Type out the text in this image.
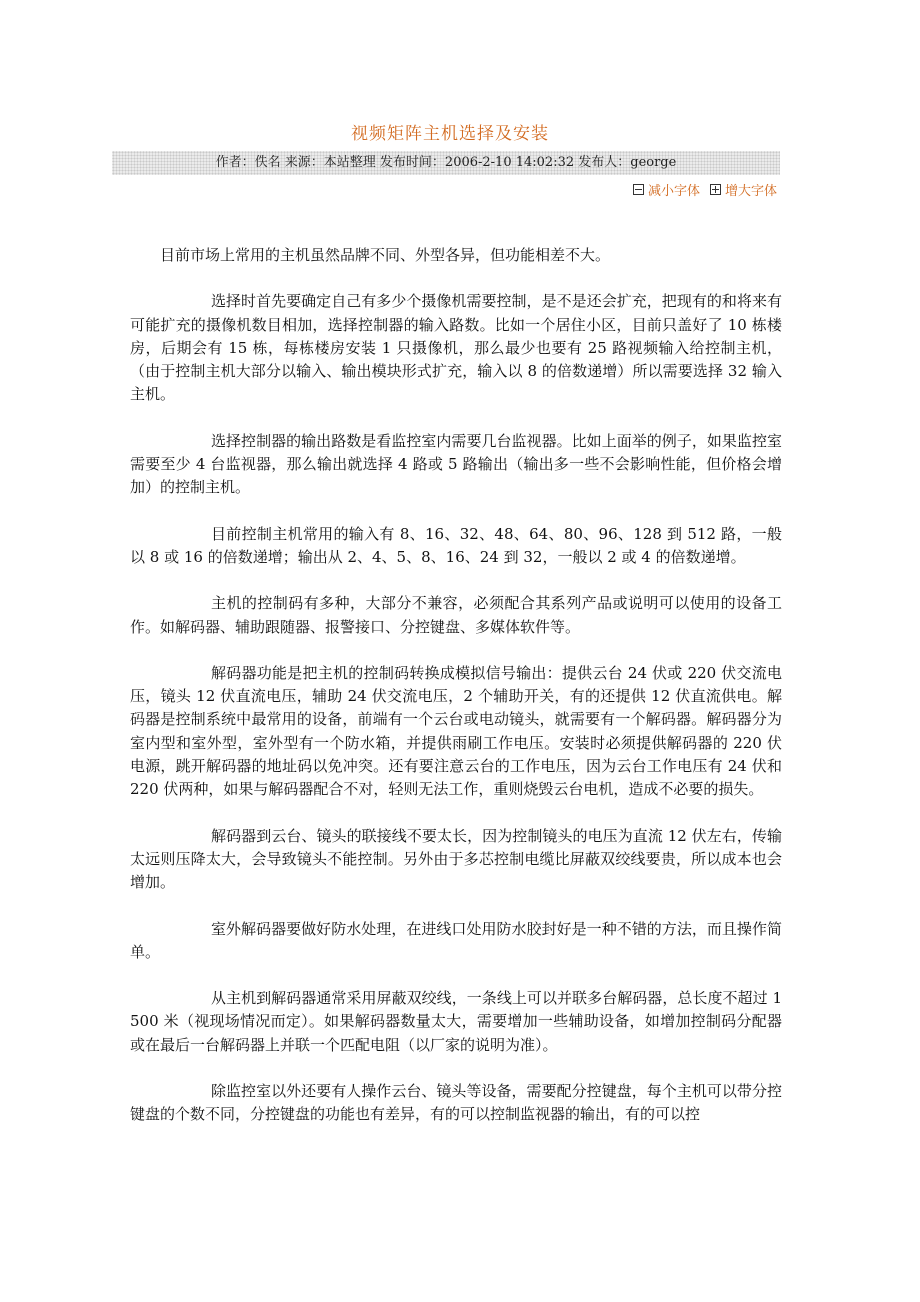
视频矩阵主机选择及安装
作者：佚名 来源：本站整理 发布时间：2006-2-10 14:02:32 发布人：george
减小字体 增大字体

目前市场上常用的主机虽然品牌不同、外型各异，但功能相差不大。

选择时首先要确定自己有多少个摄像机需要控制，是不是还会扩充，把现有的和将来有可能扩充的摄像机数目相加，选择控制器的输入路数。比如一个居住小区，目前只盖好了 10 栋楼房，后期会有 15 栋，每栋楼房安装 1 只摄像机，那么最少也要有 25 路视频输入给控制主机，（由于控制主机大部分以输入、输出模块形式扩充，输入以 8 的倍数递增）所以需要选择 32 输入主机。

选择控制器的输出路数是看监控室内需要几台监视器。比如上面举的例子，如果监控室需要至少 4 台监视器，那么输出就选择 4 路或 5 路输出（输出多一些不会影响性能，但价格会增加）的控制主机。

目前控制主机常用的输入有 8、16、32、48、64、80、96、128 到 512 路，一般以 8 或 16 的倍数递增；输出从 2、4、5、8、16、24 到 32，一般以 2 或 4 的倍数递增。

主机的控制码有多种，大部分不兼容，必须配合其系列产品或说明可以使用的设备工作。如解码器、辅助跟随器、报警接口、分控键盘、多媒体软件等。

解码器功能是把主机的控制码转换成模拟信号输出：提供云台 24 伏或 220 伏交流电压，镜头 12 伏直流电压，辅助 24 伏交流电压，2 个辅助开关，有的还提供 12 伏直流供电。解码器是控制系统中最常用的设备，前端有一个云台或电动镜头，就需要有一个解码器。解码器分为室内型和室外型，室外型有一个防水箱，并提供雨刷工作电压。安装时必须提供解码器的 220 伏电源，跳开解码器的地址码以免冲突。还有要注意云台的工作电压，因为云台工作电压有 24 伏和 220 伏两种，如果与解码器配合不对，轻则无法工作，重则烧毁云台电机，造成不必要的损失。

解码器到云台、镜头的联接线不要太长，因为控制镜头的电压为直流 12 伏左右，传输太远则压降太大，会导致镜头不能控制。另外由于多芯控制电缆比屏蔽双绞线要贵，所以成本也会增加。

室外解码器要做好防水处理，在进线口处用防水胶封好是一种不错的方法，而且操作简单。

从主机到解码器通常采用屏蔽双绞线，一条线上可以并联多台解码器，总长度不超过 1500 米（视现场情况而定）。如果解码器数量太大，需要增加一些辅助设备，如增加控制码分配器或在最后一台解码器上并联一个匹配电阻（以厂家的说明为准）。

除监控室以外还要有人操作云台、镜头等设备，需要配分控键盘，每个主机可以带分控键盘的个数不同，分控键盘的功能也有差异，有的可以控制监视器的输出，有的可以控
